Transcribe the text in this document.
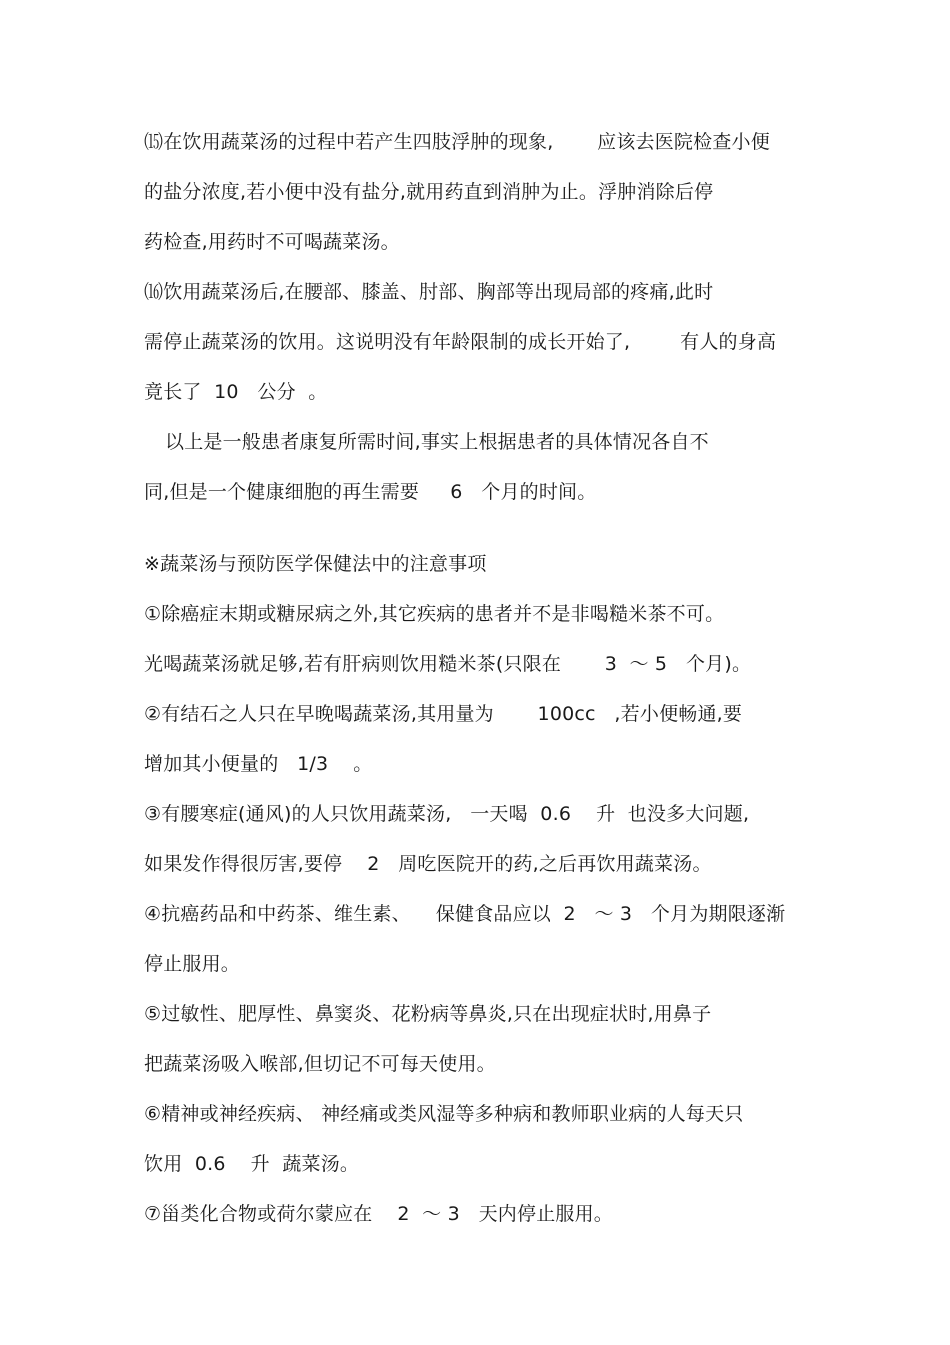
⒂在饮用蔬菜汤的过程中若产生四肢浮肿的现象,       应该去医院检查小便
的盐分浓度,若小便中没有盐分,就用药直到消肿为止。浮肿消除后停
药检查,用药时不可喝蔬菜汤。
⒃饮用蔬菜汤后,在腰部、膝盖、肘部、胸部等出现局部的疼痛,此时
需停止蔬菜汤的饮用。这说明没有年龄限制的成长开始了,        有人的身高
竟长了  10   公分  。
以上是一般患者康复所需时间,事实上根据患者的具体情况各自不
同,但是一个健康细胞的再生需要     6   个月的时间。
※蔬菜汤与预防医学保健法中的注意事项
①除癌症末期或糖尿病之外,其它疾病的患者并不是非喝糙米茶不可。
光喝蔬菜汤就足够,若有肝病则饮用糙米茶(只限在       3  ～ 5   个月)。
②有结石之人只在早晚喝蔬菜汤,其用量为       100cc   ,若小便畅通,要
增加其小便量的   1/3    。
③有腰寒症(通风)的人只饮用蔬菜汤,   一天喝  0.6    升  也没多大问题,
如果发作得很厉害,要停    2   周吃医院开的药,之后再饮用蔬菜汤。
④抗癌药品和中药茶、维生素、    保健食品应以  2   ～ 3   个月为期限逐渐
停止服用。
⑤过敏性、肥厚性、鼻窦炎、花粉病等鼻炎,只在出现症状时,用鼻子
把蔬菜汤吸入喉部,但切记不可每天使用。
⑥精神或神经疾病、 神经痛或类风湿等多种病和教师职业病的人每天只
饮用  0.6    升  蔬菜汤。
⑦甾类化合物或荷尔蒙应在    2  ～ 3   天内停止服用。
